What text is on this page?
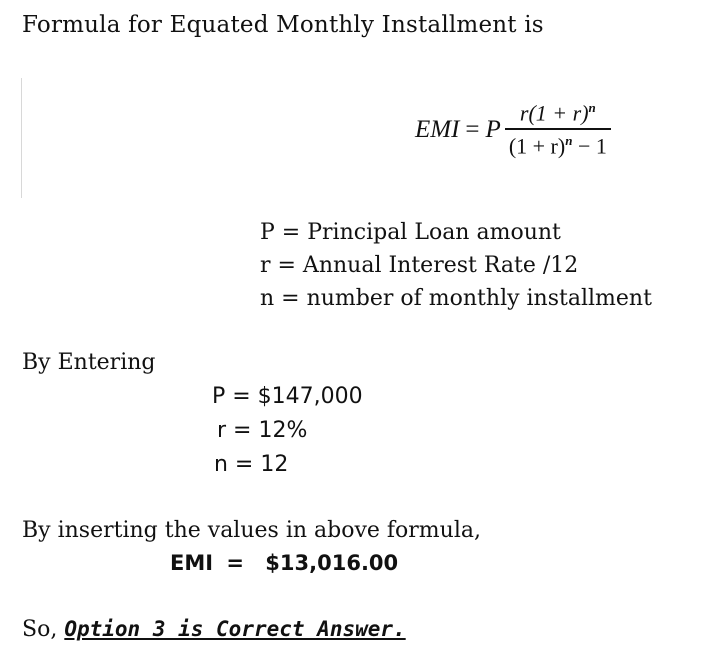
Formula for Equated Monthly Installment is
EMI = P $\frac{r(1 + r)^n}{(1 + r)^n - 1}$
P = Principal Loan amount
r = Annual Interest Rate /12
n = number of monthly installment
By Entering
P = $147,000
r = 12%
n = 12
By inserting the values in above formula,
EMI = $13,016.00
So, Option 3 is Correct Answer.
